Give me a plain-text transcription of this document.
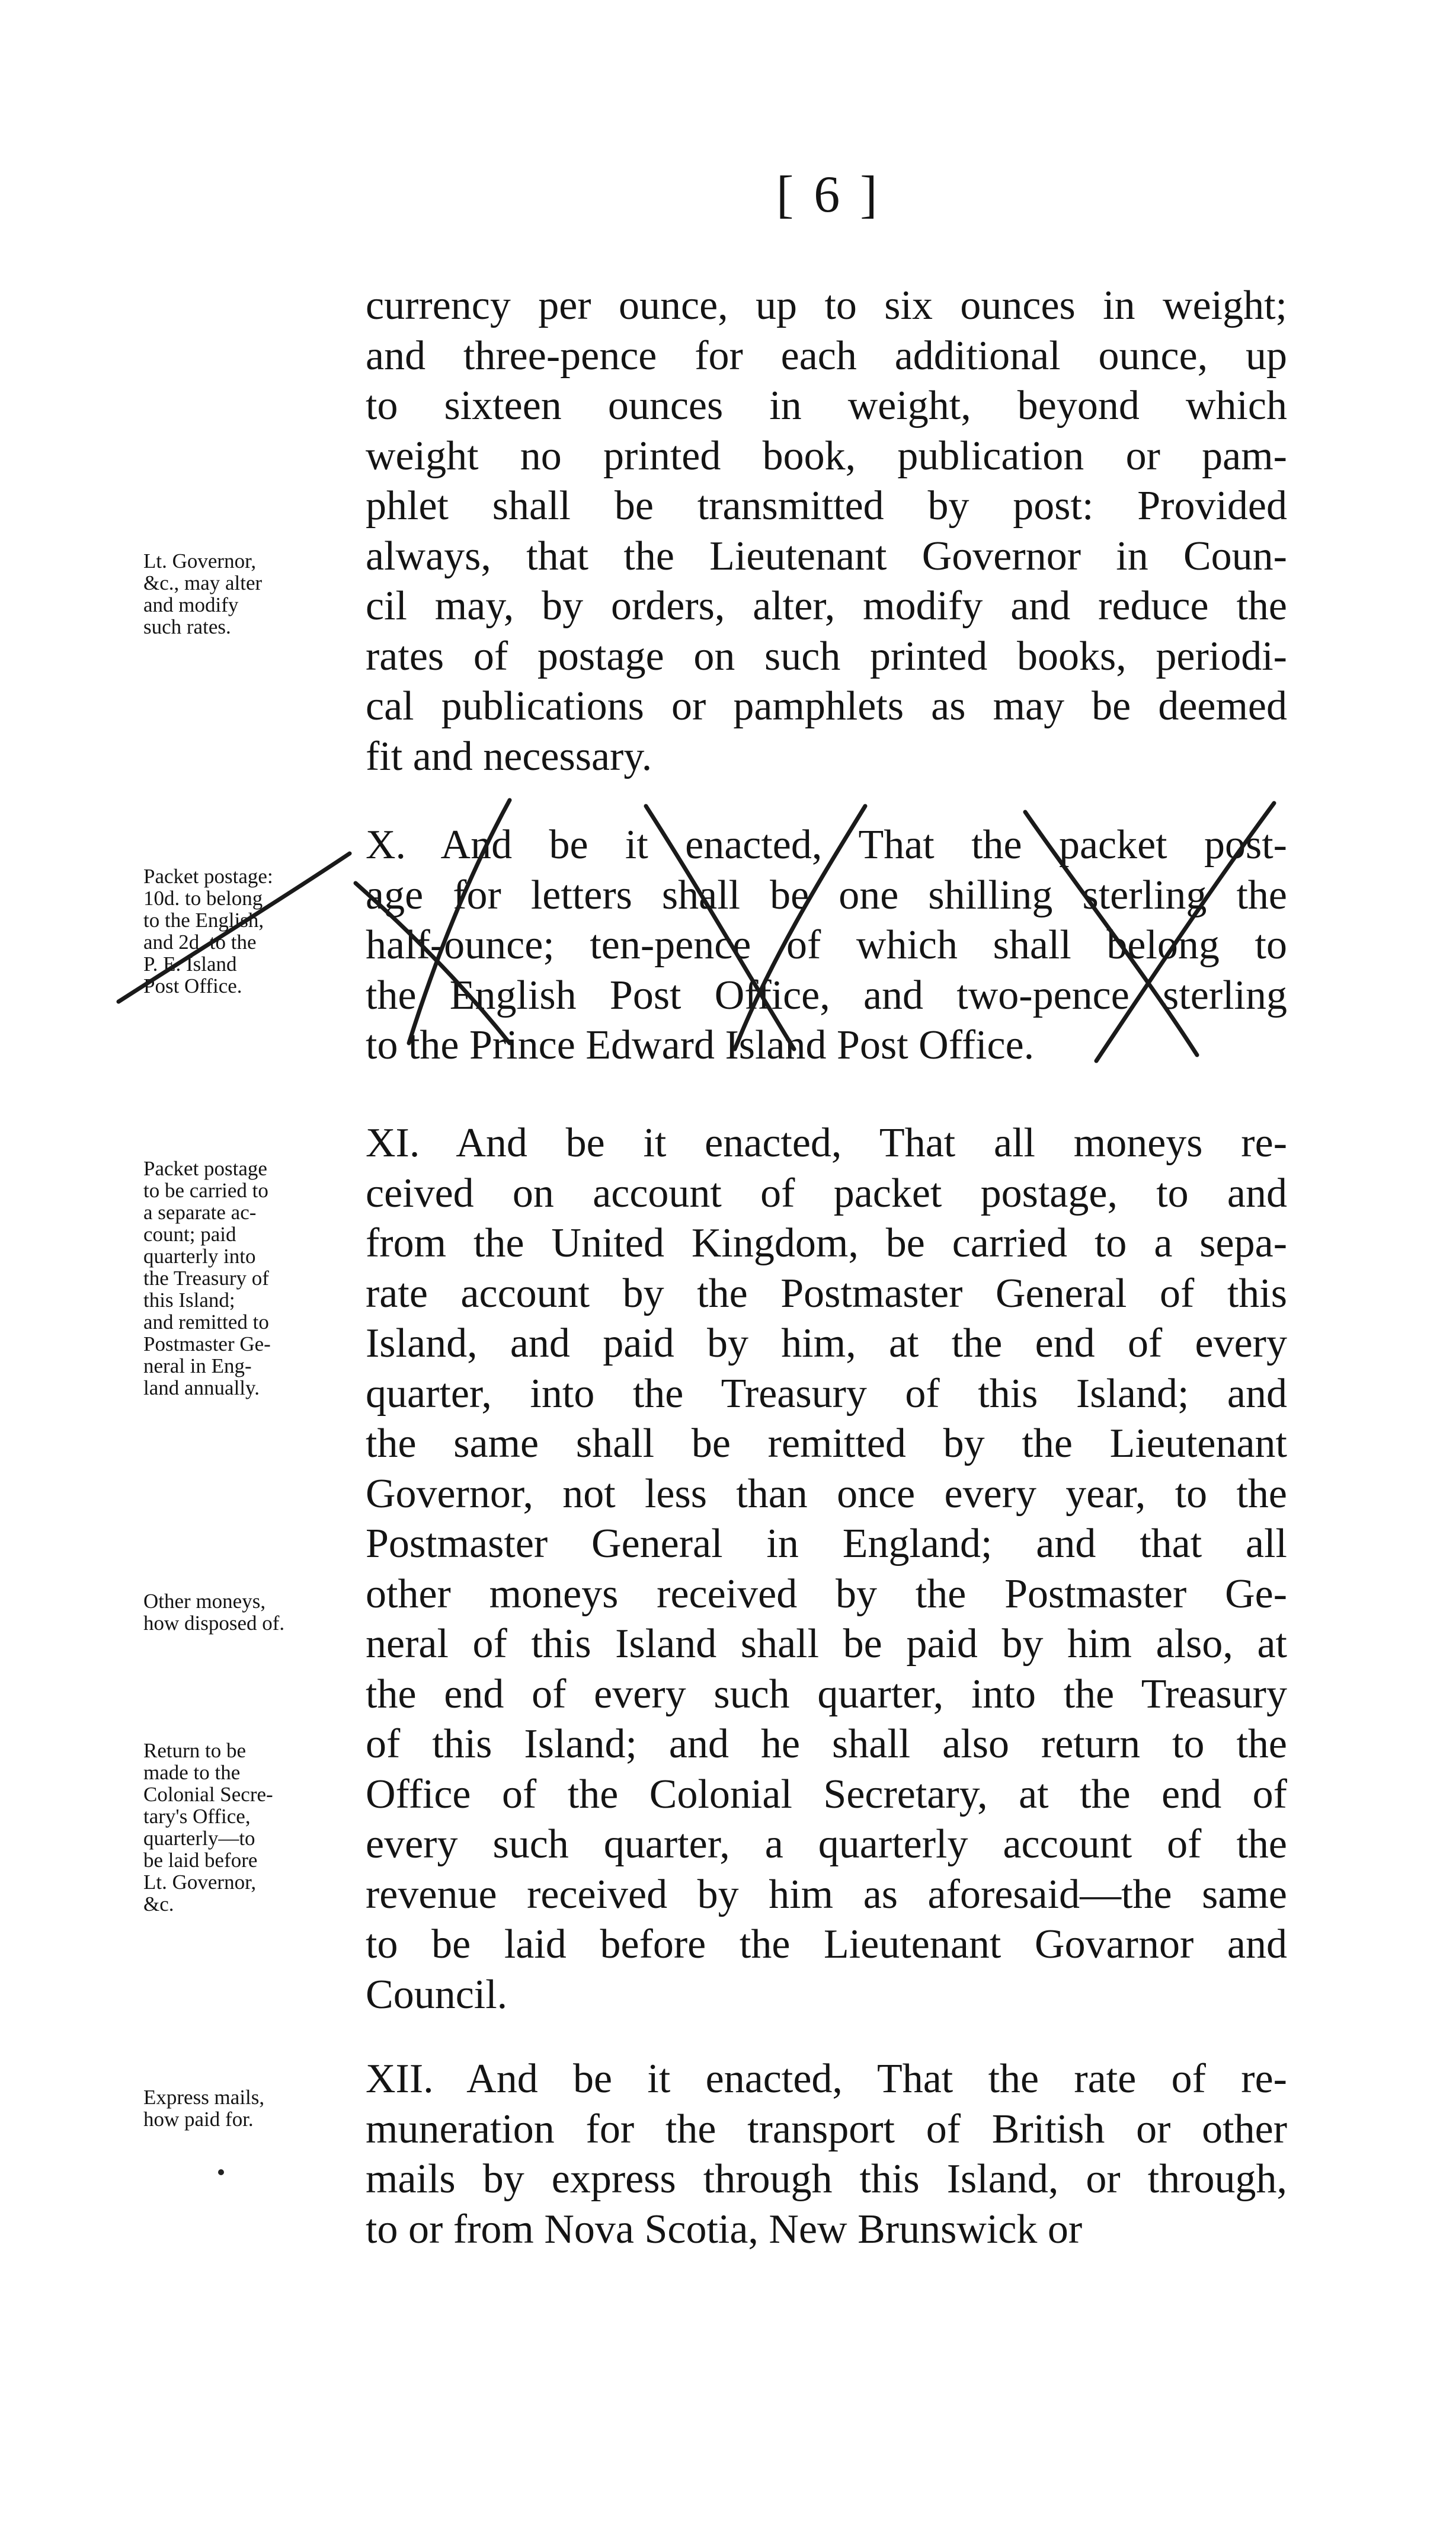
[ 6 ]
currency per ounce, up to six ounces in weight;
and three-pence for each additional ounce, up
to sixteen ounces in weight, beyond which
weight no printed book, publication or pam-
phlet shall be transmitted by post: Provided
always, that the Lieutenant Governor in Coun-
cil may, by orders, alter, modify and reduce the
rates of postage on such printed books, periodi-
cal publications or pamphlets as may be deemed
fit and necessary.
X. And be it enacted, That the packet post-
age for letters shall be one shilling sterling the
half-ounce; ten-pence of which shall belong to
the English Post Office, and two-pence sterling
to the Prince Edward Island Post Office.
XI. And be it enacted, That all moneys re-
ceived on account of packet postage, to and
from the United Kingdom, be carried to a sepa-
rate account by the Postmaster General of this
Island, and paid by him, at the end of every
quarter, into the Treasury of this Island; and
the same shall be remitted by the Lieutenant
Governor, not less than once every year, to the
Postmaster General in England; and that all
other moneys received by the Postmaster Ge-
neral of this Island shall be paid by him also, at
the end of every such quarter, into the Treasury
of this Island; and he shall also return to the
Office of the Colonial Secretary, at the end of
every such quarter, a quarterly account of the
revenue received by him as aforesaid—the same
to be laid before the Lieutenant Govarnor and
Council.
XII. And be it enacted, That the rate of re-
muneration for the transport of British or other
mails by express through this Island, or through,
to or from Nova Scotia, New Brunswick or
Lt. Governor,
&c., may alter
and modify
such rates.
Packet postage:
10d. to belong
to the English,
and 2d. to the
P. E. Island
Post Office.
Packet postage
to be carried to
a separate ac-
count; paid
quarterly into
the Treasury of
this Island;
and remitted to
Postmaster Ge-
neral in Eng-
land annually.
Other moneys,
how disposed of.
Return to be
made to the
Colonial Secre-
tary's Office,
quarterly—to
be laid before
Lt. Governor,
&c.
Express mails,
how paid for.
